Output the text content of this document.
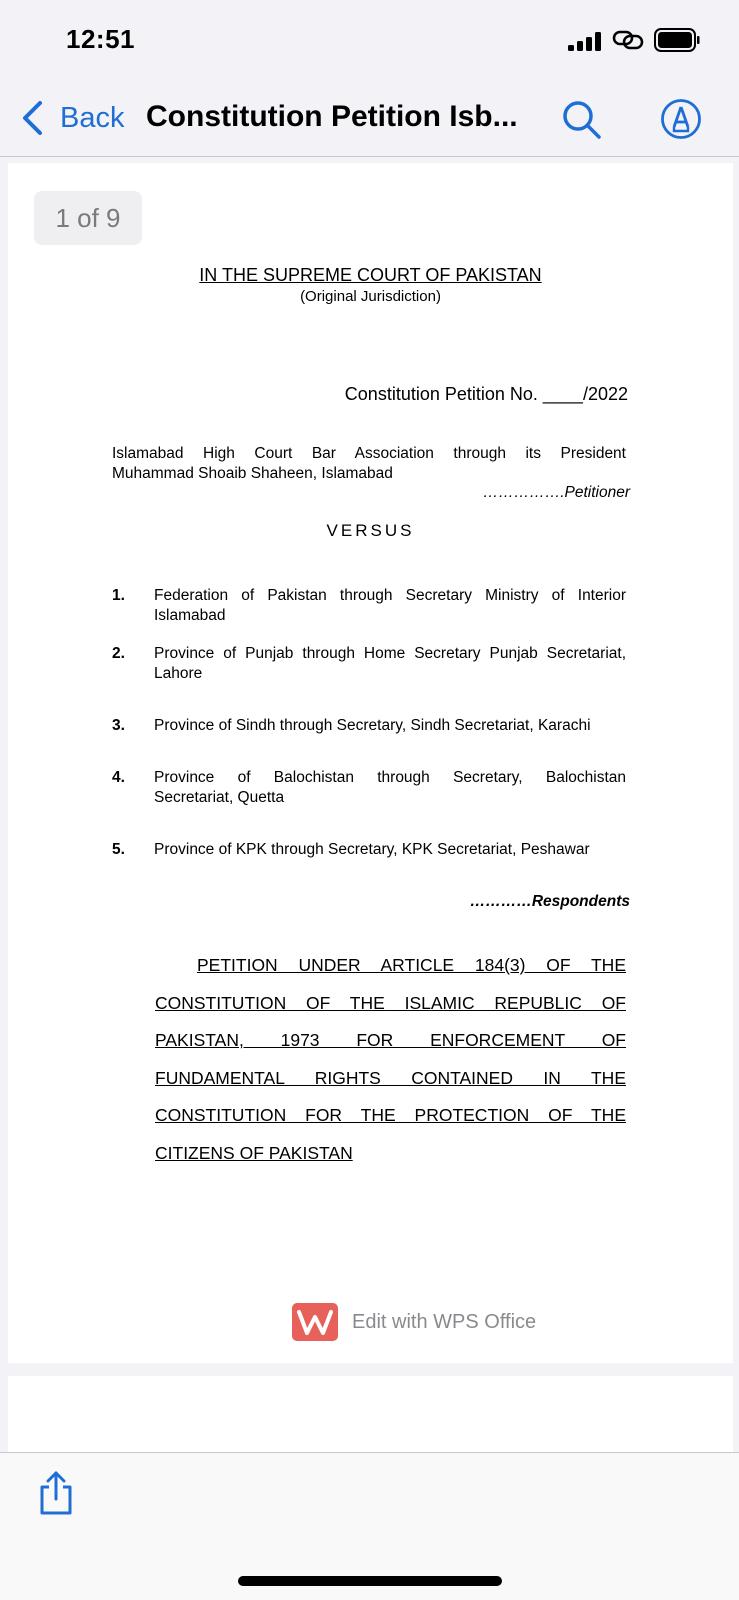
12:51
Back Constitution Petition Isb...
IN THE SUPREME COURT OF PAKISTAN
(Original Jurisdiction)
Constitution Petition No. ____/2022
Islamabad High Court Bar Association through its President
Muhammad Shoaib Shaheen, Islamabad
…………….Petitioner
VERSUS
1. Federation of Pakistan through Secretary Ministry of Interior
Islamabad
2. Province of Punjab through Home Secretary Punjab Secretariat,
Lahore
3. Province of Sindh through Secretary, Sindh Secretariat, Karachi
4. Province of Balochistan through Secretary, Balochistan
Secretariat, Quetta
5. Province of KPK through Secretary, KPK Secretariat, Peshawar
…………Respondents
PETITION UNDER ARTICLE 184(3) OF THE
CONSTITUTION OF THE ISLAMIC REPUBLIC OF
PAKISTAN, 1973 FOR ENFORCEMENT OF
FUNDAMENTAL RIGHTS CONTAINED IN THE
CONSTITUTION FOR THE PROTECTION OF THE
CITIZENS OF PAKISTAN
Edit with WPS Office
1 of 9
